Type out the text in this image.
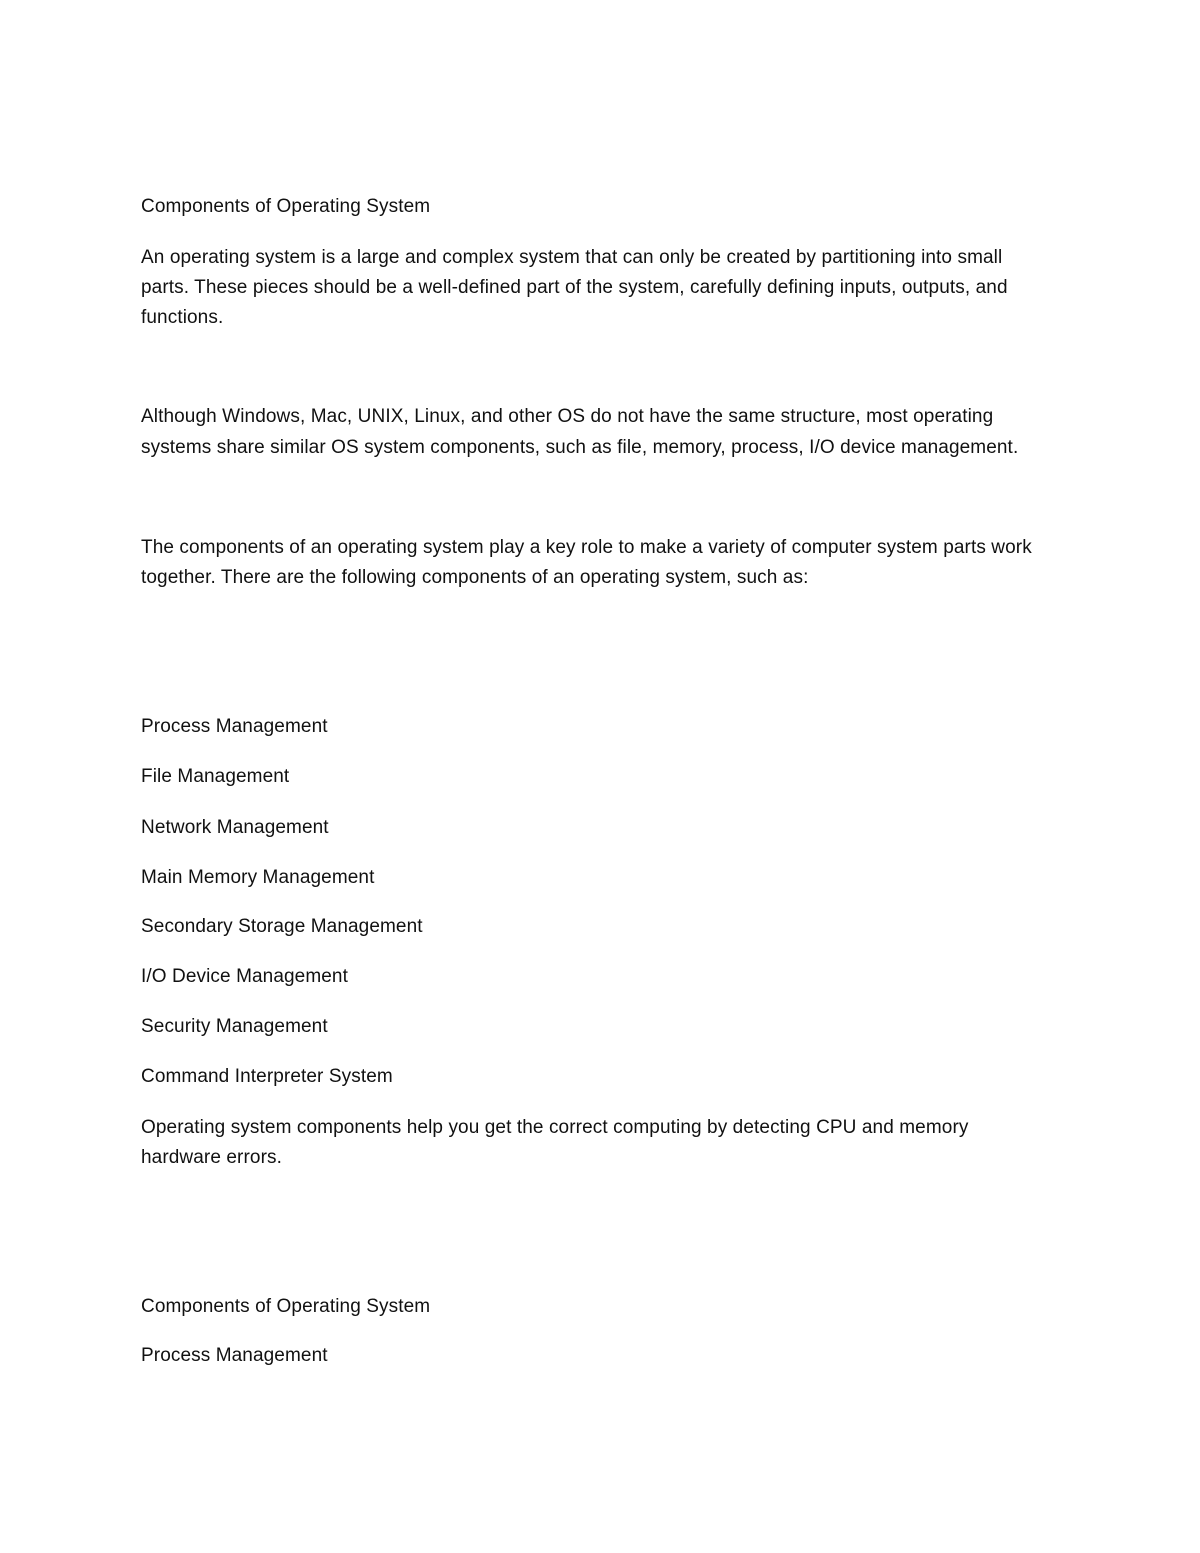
Components of Operating System
An operating system is a large and complex system that can only be created by partitioning into small
parts. These pieces should be a well-defined part of the system, carefully defining inputs, outputs, and
functions.
Although Windows, Mac, UNIX, Linux, and other OS do not have the same structure, most operating
systems share similar OS system components, such as file, memory, process, I/O device management.
The components of an operating system play a key role to make a variety of computer system parts work
together. There are the following components of an operating system, such as:
Process Management
File Management
Network Management
Main Memory Management
Secondary Storage Management
I/O Device Management
Security Management
Command Interpreter System
Operating system components help you get the correct computing by detecting CPU and memory
hardware errors.
Components of Operating System
Process Management
